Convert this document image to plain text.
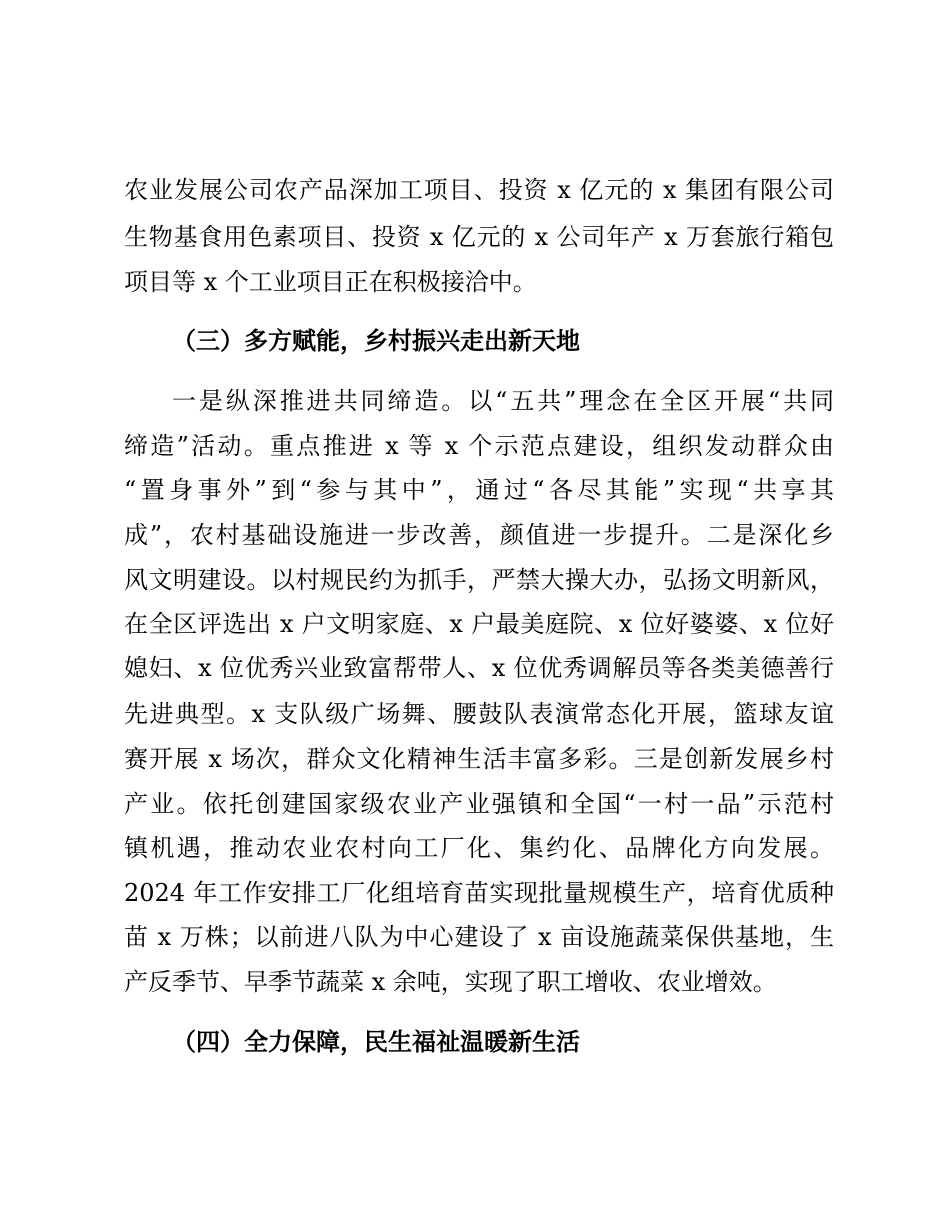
农业发展公司农产品深加工项目、投资 x 亿元的 x 集团有限公司
生物基食用色素项目、投资 x 亿元的 x 公司年产 x 万套旅行箱包
项目等 x 个工业项目正在积极接洽中。
（三）多方赋能，乡村振兴走出新天地
一是纵深推进共同缔造。以“五共”理念在全区开展“共同
缔造”活动。重点推进 x 等 x 个示范点建设，组织发动群众由
“置身事外”到“参与其中”，通过“各尽其能”实现“共享其
成”，农村基础设施进一步改善，颜值进一步提升。二是深化乡
风文明建设。以村规民约为抓手，严禁大操大办，弘扬文明新风，
在全区评选出 x 户文明家庭、x 户最美庭院、x 位好婆婆、x 位好
媳妇、x 位优秀兴业致富帮带人、x 位优秀调解员等各类美德善行
先进典型。x 支队级广场舞、腰鼓队表演常态化开展，篮球友谊
赛开展 x 场次，群众文化精神生活丰富多彩。三是创新发展乡村
产业。依托创建国家级农业产业强镇和全国“一村一品”示范村
镇机遇，推动农业农村向工厂化、集约化、品牌化方向发展。
2024 年工作安排工厂化组培育苗实现批量规模生产，培育优质种
苗 x 万株；以前进八队为中心建设了 x 亩设施蔬菜保供基地，生
产反季节、早季节蔬菜 x 余吨，实现了职工增收、农业增效。
（四）全力保障，民生福祉温暖新生活
